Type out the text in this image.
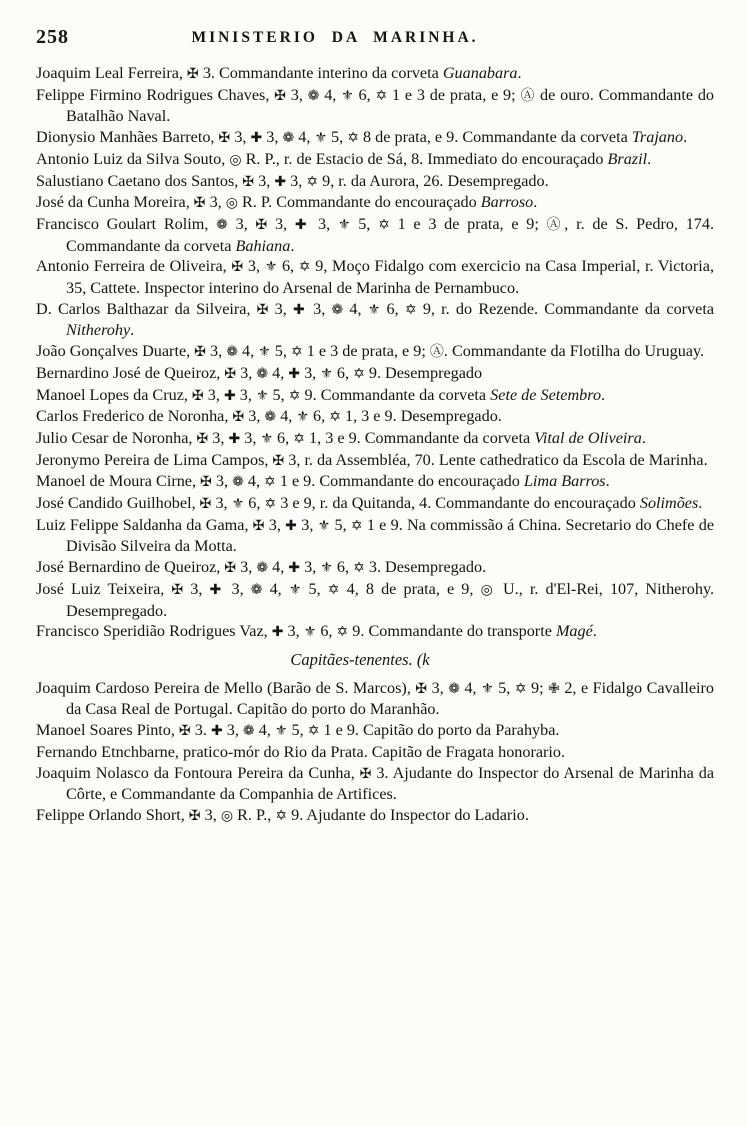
258	MINISTERIO DA MARINHA.

Joaquim Leal Ferreira, ✠ 3. Commandante interino da corveta Guanabara.

Felippe Firmino Rodrigues Chaves, ✠ 3, ❁ 4, ⚜ 6, ✡ 1 e 3 de prata, e 9; Ⓐ de ouro. Commandante do Batalhão Naval.

Dionysio Manhães Barreto, ✠ 3, ✚ 3, ❁ 4, ⚜ 5, ✡ 8 de prata, e 9. Commandante da corveta Trajano.

Antonio Luiz da Silva Souto, ◎ R. P., r. de Estacio de Sá, 8. Immediato do encouraçado Brazil.

Salustiano Caetano dos Santos, ✠ 3, ✚ 3, ✡ 9, r. da Aurora, 26. Desempregado.

José da Cunha Moreira, ✠ 3, ◎ R. P. Commandante do encouraçado Barroso.

Francisco Goulart Rolim, ❁ 3, ✠ 3, ✚ 3, ⚜ 5, ✡ 1 e 3 de prata, e 9; Ⓐ, r. de S. Pedro, 174. Commandante da corveta Bahiana.

Antonio Ferreira de Oliveira, ✠ 3, ⚜ 6, ✡ 9, Moço Fidalgo com exercicio na Casa Imperial, r. Victoria, 35, Cattete. Inspector interino do Arsenal de Marinha de Pernambuco.

D. Carlos Balthazar da Silveira, ✠ 3, ✚ 3, ❁ 4, ⚜ 6, ✡ 9, r. do Rezende. Commandante da corveta Nitherohy.

João Gonçalves Duarte, ✠ 3, ❁ 4, ⚜ 5, ✡ 1 e 3 de prata, e 9; Ⓐ. Commandante da Flotilha do Uruguay.

Bernardino José de Queiroz, ✠ 3, ❁ 4, ✚ 3, ⚜ 6, ✡ 9. Desempregado

Manoel Lopes da Cruz, ✠ 3, ✚ 3, ⚜ 5, ✡ 9. Commandante da corveta Sete de Setembro.

Carlos Frederico de Noronha, ✠ 3, ❁ 4, ⚜ 6, ✡ 1, 3 e 9. Desempregado.

Julio Cesar de Noronha, ✠ 3, ✚ 3, ⚜ 6, ✡ 1, 3 e 9. Commandante da corveta Vital de Oliveira.

Jeronymo Pereira de Lima Campos, ✠ 3, r. da Assembléa, 70. Lente cathedratico da Escola de Marinha.

Manoel de Moura Cirne, ✠ 3, ❁ 4, ✡ 1 e 9. Commandante do encouraçado Lima Barros.

José Candido Guilhobel, ✠ 3, ⚜ 6, ✡ 3 e 9, r. da Quitanda, 4. Commandante do encouraçado Solimões.

Luiz Felippe Saldanha da Gama, ✠ 3, ✚ 3, ⚜ 5, ✡ 1 e 9. Na commissão á China. Secretario do Chefe de Divisão Silveira da Motta.

José Bernardino de Queiroz, ✠ 3, ❁ 4, ✚ 3, ⚜ 6, ✡ 3. Desempregado.

José Luiz Teixeira, ✠ 3, ✚ 3, ❁ 4, ⚜ 5, ✡ 4, 8 de prata, e 9, ◎ U., r. d'El-Rei, 107, Nitherohy. Desempregado.

Francisco Speridião Rodrigues Vaz, ✚ 3, ⚜ 6, ✡ 9. Commandante do transporte Magé.

Capitães-tenentes. (k

Joaquim Cardoso Pereira de Mello (Barão de S. Marcos), ✠ 3, ❁ 4, ⚜ 5, ✡ 9; ✙ 2, e Fidalgo Cavalleiro da Casa Real de Portugal. Capitão do porto do Maranhão.

Manoel Soares Pinto, ✠ 3. ✚ 3, ❁ 4, ⚜ 5, ✡ 1 e 9. Capitão do porto da Parahyba.

Fernando Etnchbarne, pratico-mór do Rio da Prata. Capitão de Fragata honorario.

Joaquim Nolasco da Fontoura Pereira da Cunha, ✠ 3. Ajudante do Inspector do Arsenal de Marinha da Côrte, e Commandante da Companhia de Artifices.

Felippe Orlando Short, ✠ 3, ◎ R. P., ✡ 9. Ajudante do Inspector do Ladario.
